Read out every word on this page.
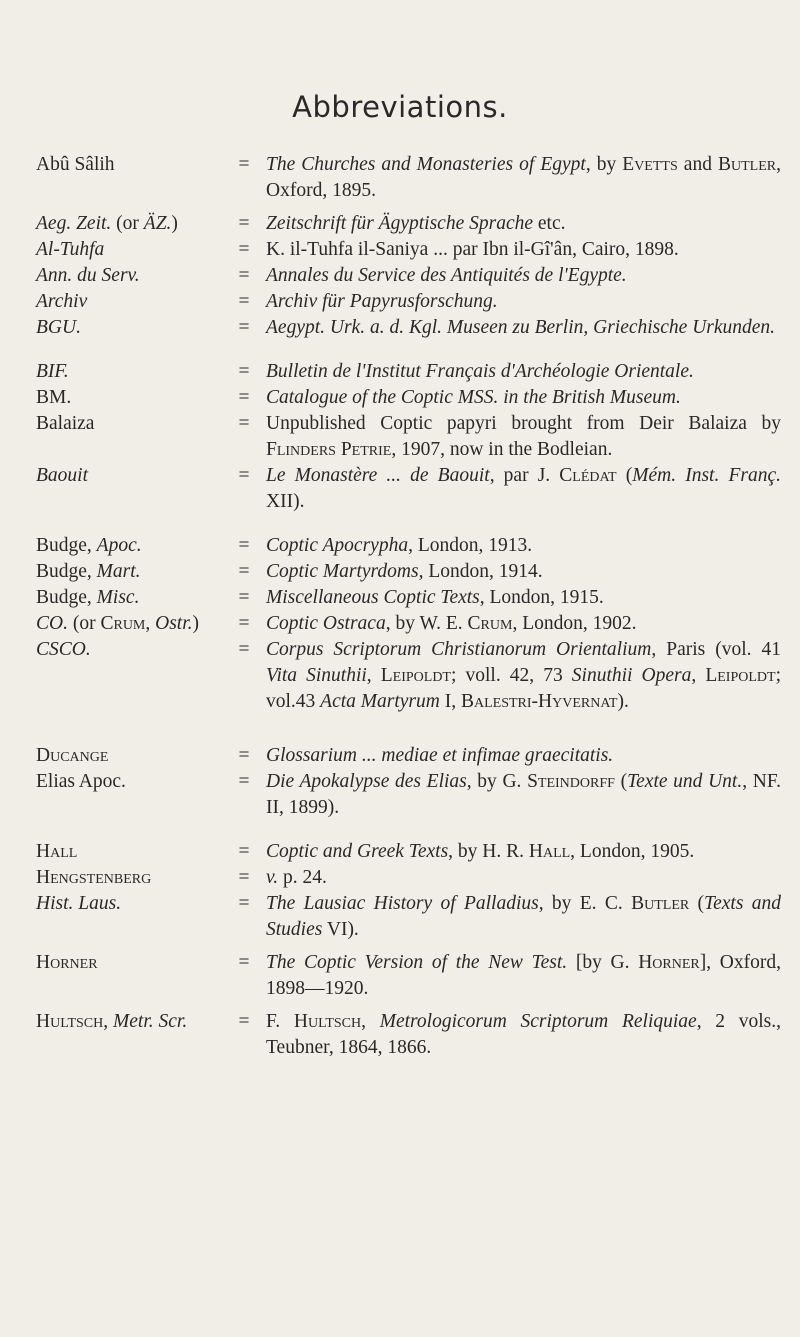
Abbreviations.
Abû Sâlih	= The Churches and Monasteries of Egypt, by Evetts and Butler, Oxford, 1895.
Aeg. Zeit. (or ÄZ.)	= Zeitschrift für Ägyptische Sprache etc.
Al-Tuhfa	= K. il-Tuhfa il-Saniya ... par Ibn il-Gî'ân, Cairo, 1898.
Ann. du Serv.	= Annales du Service des Antiquités de l'Egypte.
Archiv	= Archiv für Papyrusforschung.
BGU.	= Aegypt. Urk. a. d. Kgl. Museen zu Berlin, Griechische Urkunden.
BIF.	= Bulletin de l'Institut Français d'Archéologie Orientale.
BM.	= Catalogue of the Coptic MSS. in the British Museum.
Balaiza	= Unpublished Coptic papyri brought from Deir Balaiza by Flinders Petrie, 1907, now in the Bodleian.
Baouit	= Le Monastère ... de Baouit, par J. Clédat (Mém. Inst. Franç. XII).
Budge, Apoc.	= Coptic Apocrypha, London, 1913.
Budge, Mart.	= Coptic Martyrdoms, London, 1914.
Budge, Misc.	= Miscellaneous Coptic Texts, London, 1915.
CO. (or Crum, Ostr.)	= Coptic Ostraca, by W. E. Crum, London, 1902.
CSCO.	= Corpus Scriptorum Christianorum Orientalium, Paris (vol. 41 Vita Sinuthii, Leipoldt; voll. 42, 73 Sinuthii Opera, Leipoldt; vol.43 Acta Martyrum I, Balestri-Hyvernat).
Ducange	= Glossarium ... mediae et infimae graecitatis.
Elias Apoc.	= Die Apokalypse des Elias, by G. Steindorff (Texte und Unt., NF. II, 1899).
Hall	= Coptic and Greek Texts, by H. R. Hall, London, 1905.
Hengstenberg	= v. p. 24.
Hist. Laus.	= The Lausiac History of Palladius, by E. C. Butler (Texts and Studies VI).
Horner	= The Coptic Version of the New Test. [by G. Horner], Oxford, 1898—1920.
Hultsch, Metr. Scr.	= F. Hultsch, Metrologicorum Scriptorum Reliquiae, 2 vols., Teubner, 1864, 1866.
